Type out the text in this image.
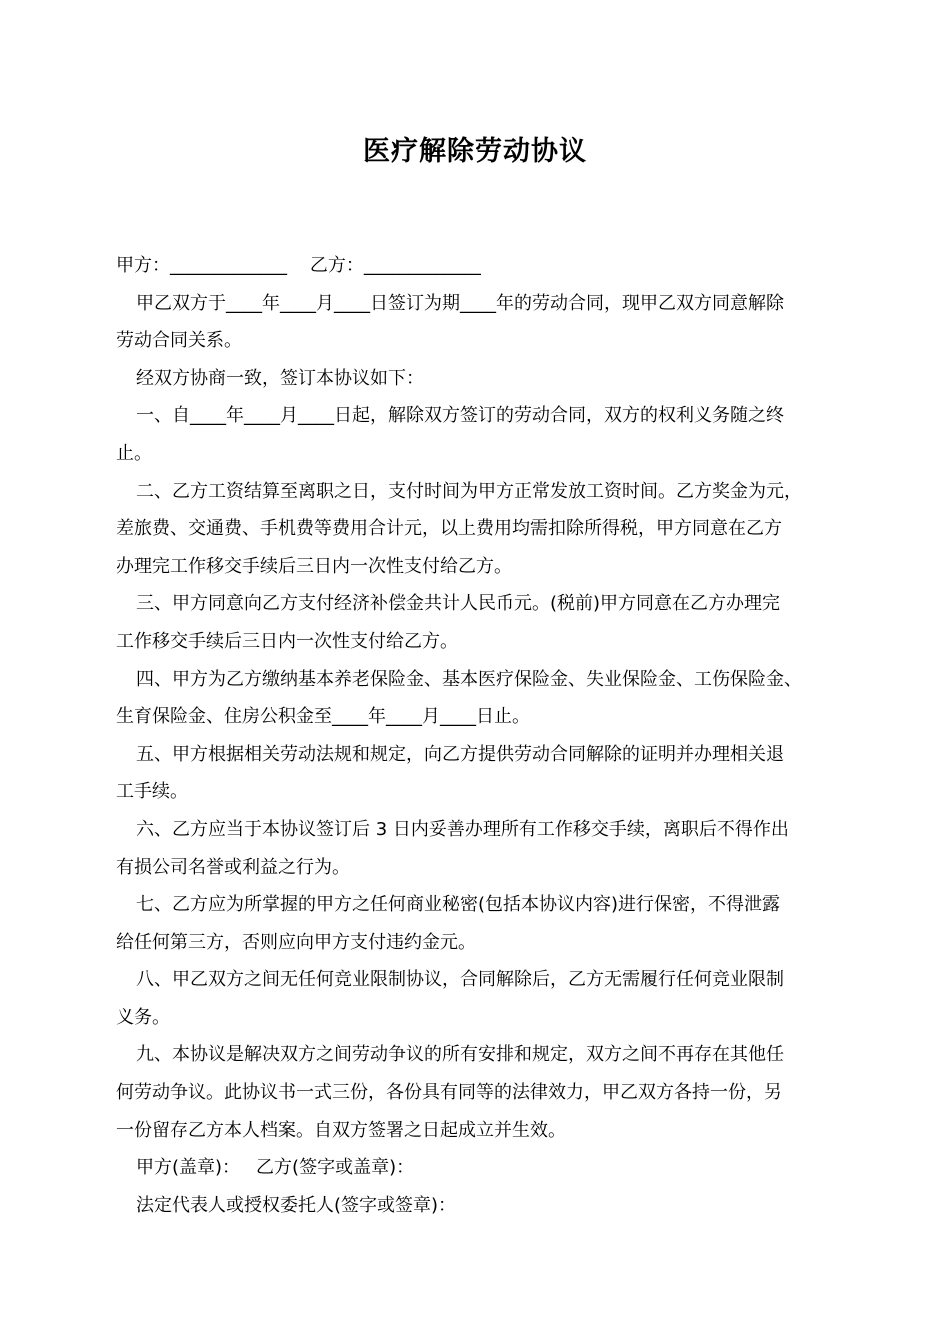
医疗解除劳动协议
甲方：_____________    乙方：_____________
甲乙双方于____年____月____日签订为期____年的劳动合同，现甲乙双方同意解除
劳动合同关系。
经双方协商一致，签订本协议如下：
一、自____年____月____日起，解除双方签订的劳动合同，双方的权利义务随之终
止。
二、乙方工资结算至离职之日，支付时间为甲方正常发放工资时间。乙方奖金为元，
差旅费、交通费、手机费等费用合计元，以上费用均需扣除所得税，甲方同意在乙方
办理完工作移交手续后三日内一次性支付给乙方。
三、甲方同意向乙方支付经济补偿金共计人民币元。(税前)甲方同意在乙方办理完
工作移交手续后三日内一次性支付给乙方。
四、甲方为乙方缴纳基本养老保险金、基本医疗保险金、失业保险金、工伤保险金、
生育保险金、住房公积金至____年____月____日止。
五、甲方根据相关劳动法规和规定，向乙方提供劳动合同解除的证明并办理相关退
工手续。
六、乙方应当于本协议签订后 3 日内妥善办理所有工作移交手续，离职后不得作出
有损公司名誉或利益之行为。
七、乙方应为所掌握的甲方之任何商业秘密(包括本协议内容)进行保密，不得泄露
给任何第三方，否则应向甲方支付违约金元。
八、甲乙双方之间无任何竞业限制协议，合同解除后，乙方无需履行任何竞业限制
义务。
九、本协议是解决双方之间劳动争议的所有安排和规定，双方之间不再存在其他任
何劳动争议。此协议书一式三份，各份具有同等的法律效力，甲乙双方各持一份，另
一份留存乙方本人档案。自双方签署之日起成立并生效。
甲方(盖章)： 乙方(签字或盖章)：
法定代表人或授权委托人(签字或签章)：
